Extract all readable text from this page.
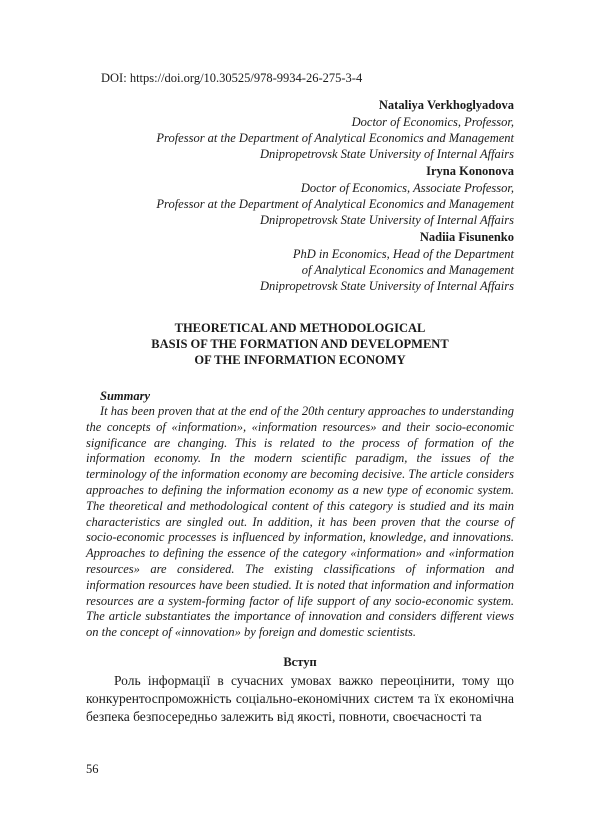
DOI: https://doi.org/10.30525/978-9934-26-275-3-4
Nataliya Verkhoglyadova
Doctor of Economics, Professor,
Professor at the Department of Analytical Economics and Management
Dnipropetrovsk State University of Internal Affairs
Iryna Kononova
Doctor of Economics, Associate Professor,
Professor at the Department of Analytical Economics and Management
Dnipropetrovsk State University of Internal Affairs
Nadiia Fisunenko
PhD in Economics, Head of the Department
of Analytical Economics and Management
Dnipropetrovsk State University of Internal Affairs
THEORETICAL AND METHODOLOGICAL
BASIS OF THE FORMATION AND DEVELOPMENT
OF THE INFORMATION ECONOMY
Summary

It has been proven that at the end of the 20th century approaches to understanding the concepts of «information», «information resources» and their socio-economic significance are changing. This is related to the process of formation of the information economy. In the modern scientific paradigm, the issues of the terminology of the information economy are becoming decisive. The article considers approaches to defining the information economy as a new type of economic system. The theoretical and methodological content of this category is studied and its main characteristics are singled out. In addition, it has been proven that the course of socio-economic processes is influenced by information, knowledge, and innovations. Approaches to defining the essence of the category «information» and «information resources» are considered. The existing classifications of information and information resources have been studied. It is noted that information and information resources are a system-forming factor of life support of any socio-economic system. The article substantiates the importance of innovation and considers different views on the concept of «innovation» by foreign and domestic scientists.

Вступ

Роль інформації в сучасних умовах важко переоцінити, тому що конкурентоспроможність соціально-економічних систем та їх економічна безпека безпосередньо залежить від якості, повноти, своєчасності та

56
